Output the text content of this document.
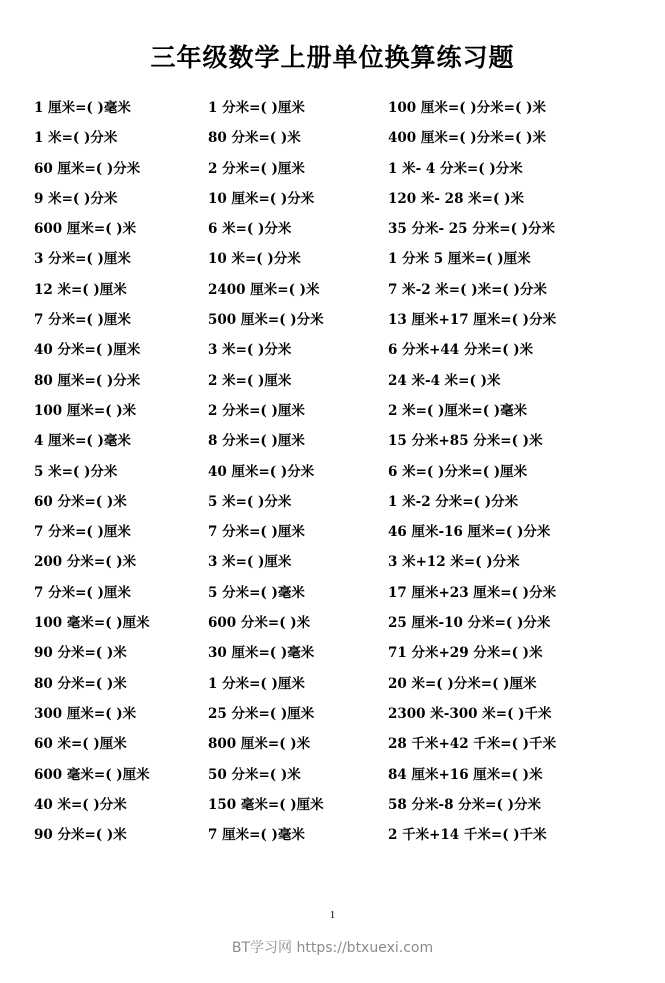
三年级数学上册单位换算练习题
1 厘米=( )毫米	1 分米=( )厘米	100 厘米=( )分米=( )米
1 米=( )分米	80 分米=( )米	400 厘米=( )分米=( )米
60 厘米=( )分米	2 分米=( )厘米	1 米- 4 分米=( )分米
9 米=( )分米	10 厘米=( )分米	120 米- 28 米=( )米
600 厘米=( )米	6 米=( )分米	35 分米- 25 分米=( )分米
3 分米=( )厘米	10 米=( )分米	1 分米 5 厘米=( )厘米
12 米=( )厘米	2400 厘米=( )米	7 米-2 米=( )米=( )分米
7 分米=( )厘米	500 厘米=( )分米	13 厘米+17 厘米=( )分米
40 分米=( )厘米	3 米=( )分米	6 分米+44 分米=( )米
80 厘米=( )分米	2 米=( )厘米	24 米-4 米=( )米
100 厘米=( )米	2 分米=( )厘米	2 米=( )厘米=( )毫米
4 厘米=( )毫米	8 分米=( )厘米	15 分米+85 分米=( )米
5 米=( )分米	40 厘米=( )分米	6 米=( )分米=( )厘米
60 分米=( )米	5 米=( )分米	1 米-2 分米=( )分米
7 分米=( )厘米	7 分米=( )厘米	46 厘米-16 厘米=( )分米
200 分米=( )米	3 米=( )厘米	3 米+12 米=( )分米
7 分米=( )厘米	5 分米=( )毫米	17 厘米+23 厘米=( )分米
100 毫米=( )厘米	600 分米=( )米	25 厘米-10 分米=( )分米
90 分米=( )米	30 厘米=( )毫米	71 分米+29 分米=( )米
80 分米=( )米	1 分米=( )厘米	20 米=( )分米=( )厘米
300 厘米=( )米	25 分米=( )厘米	2300 米-300 米=( )千米
60 米=( )厘米	800 厘米=( )米	28 千米+42 千米=( )千米
600 毫米=( )厘米	50 分米=( )米	84 厘米+16 厘米=( )米
40 米=( )分米	150 毫米=( )厘米	58 分米-8 分米=( )分米
90 分米=( )米	7 厘米=( )毫米	2 千米+14 千米=( )千米
1
BT学习网 https://btxuexi.com
